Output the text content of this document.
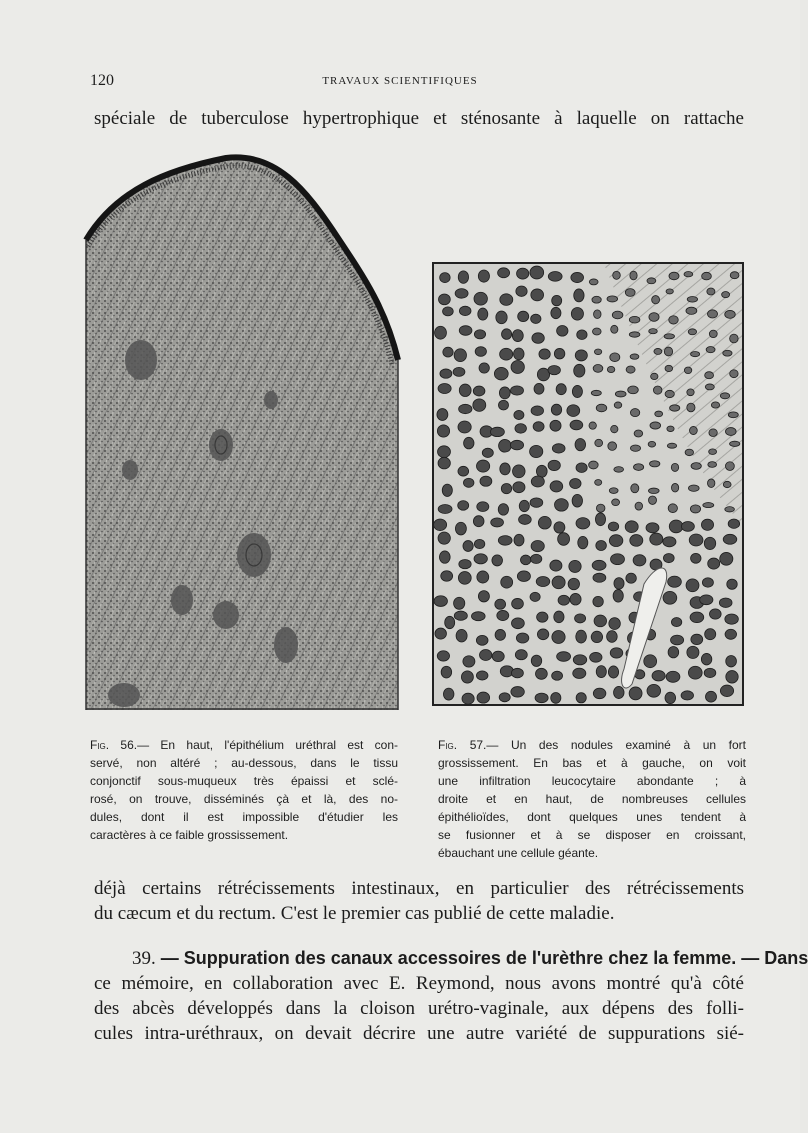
120	TRAVAUX SCIENTIFIQUES
spéciale de tuberculose hypertrophique et sténosante à laquelle on rattache
Fig. 56.— En haut, l'épithélium uréthral est con-
servé, non altéré ; au-dessous, dans le tissu
conjonctif sous-muqueux très épaissi et sclé-
rosé, on trouve, disséminés çà et là, des no-
dules, dont il est impossible d'étudier les
caractères à ce faible grossissement.
Fig. 57.— Un des nodules examiné à un fort
grossissement. En bas et à gauche, on voit
une infiltration leucocytaire abondante ; à
droite et en haut, de nombreuses cellules
épithélioïdes, dont quelques unes tendent à
se fusionner et à se disposer en croissant,
ébauchant une cellule géante.
déjà certains rétrécissements intestinaux, en particulier des rétrécissements
du cæcum et du rectum. C'est le premier cas publié de cette maladie.
39. — Suppuration des canaux accessoires de l'urèthre chez la femme. — Dans
ce mémoire, en collaboration avec E. Reymond, nous avons montré qu'à côté
des abcès développés dans la cloison urétro-vaginale, aux dépens des folli-
cules intra-uréthraux, on devait décrire une autre variété de suppurations sié-
